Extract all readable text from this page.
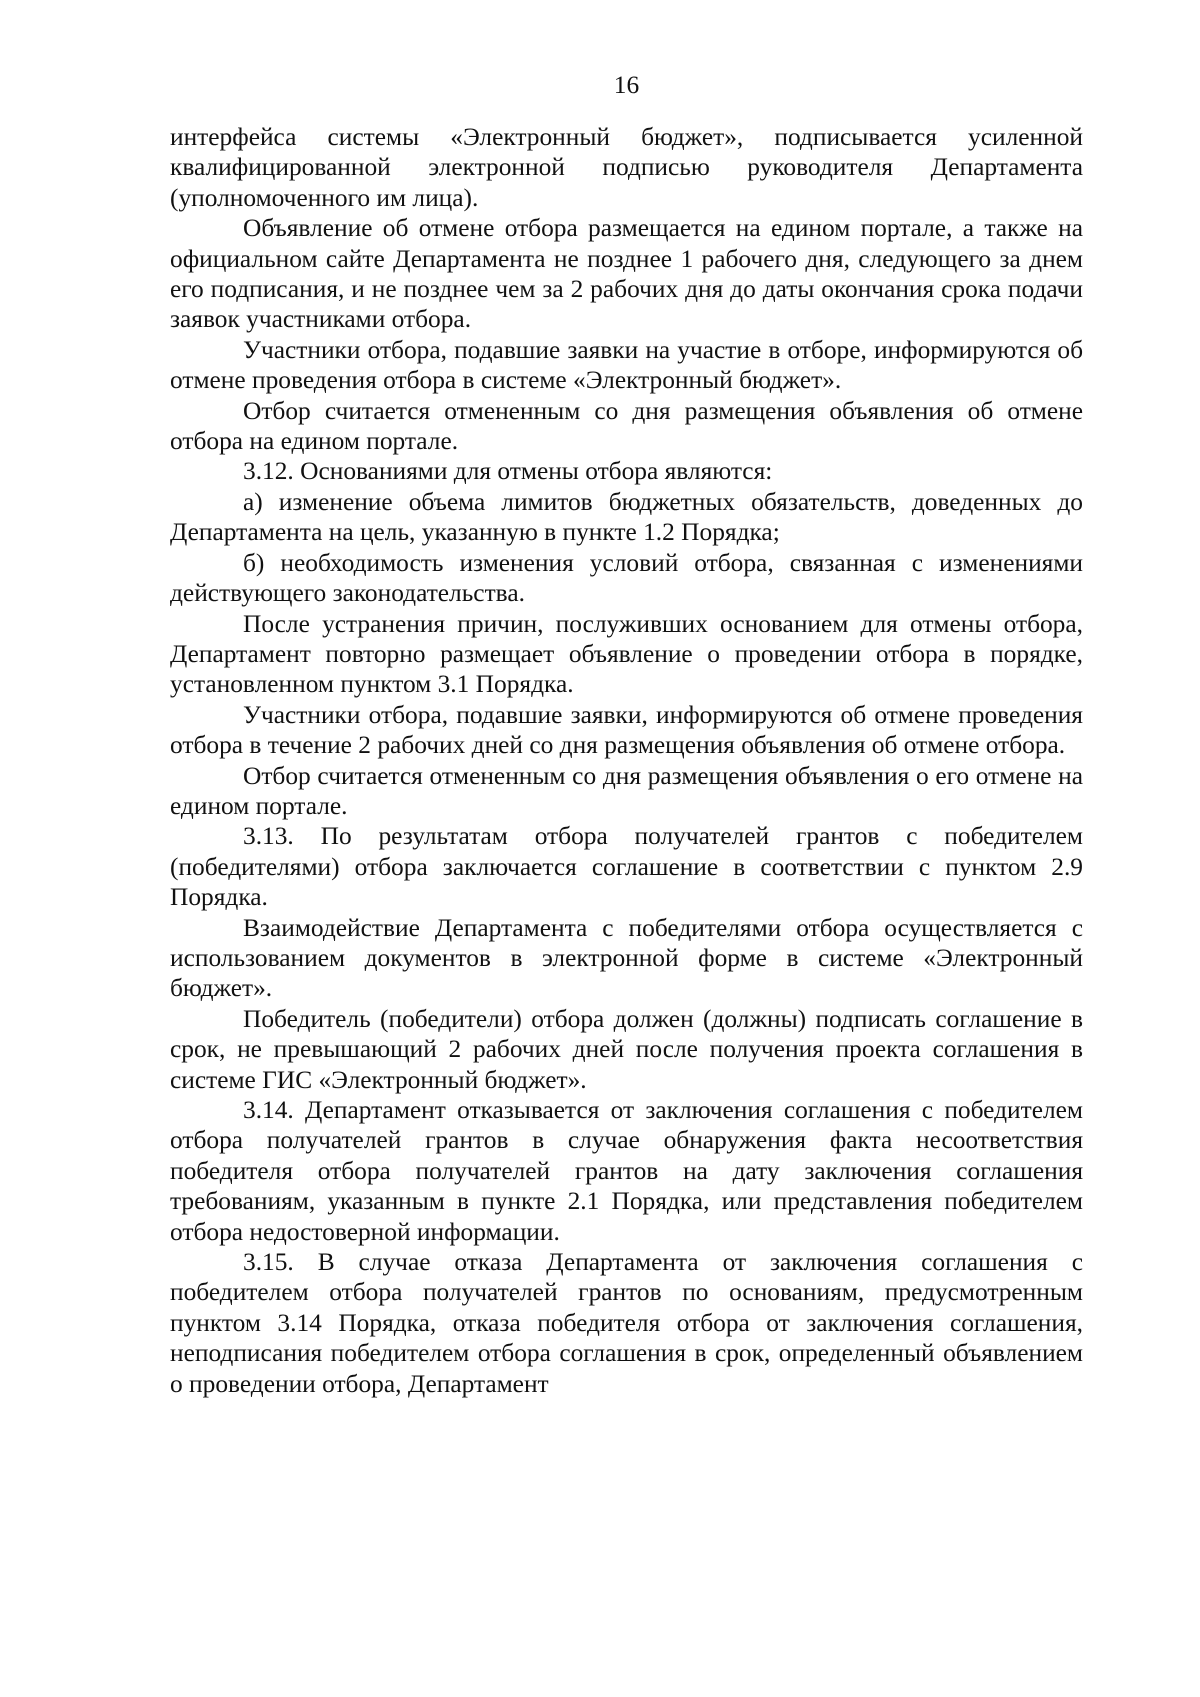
16

интерфейса системы «Электронный бюджет», подписывается усиленной квалифицированной электронной подписью руководителя Департамента (уполномоченного им лица).

Объявление об отмене отбора размещается на едином портале, а также на официальном сайте Департамента не позднее 1 рабочего дня, следующего за днем его подписания, и не позднее чем за 2 рабочих дня до даты окончания срока подачи заявок участниками отбора.

Участники отбора, подавшие заявки на участие в отборе, информируются об отмене проведения отбора в системе «Электронный бюджет».

Отбор считается отмененным со дня размещения объявления об отмене отбора на едином портале.

3.12. Основаниями для отмены отбора являются:

а) изменение объема лимитов бюджетных обязательств, доведенных до Департамента на цель, указанную в пункте 1.2 Порядка;

б) необходимость изменения условий отбора, связанная с изменениями действующего законодательства.

После устранения причин, послуживших основанием для отмены отбора, Департамент повторно размещает объявление о проведении отбора в порядке, установленном пунктом 3.1 Порядка.

Участники отбора, подавшие заявки, информируются об отмене проведения отбора в течение 2 рабочих дней со дня размещения объявления об отмене отбора.

Отбор считается отмененным со дня размещения объявления о его отмене на едином портале.

3.13. По результатам отбора получателей грантов с победителем (победителями) отбора заключается соглашение в соответствии с пунктом 2.9 Порядка.

Взаимодействие Департамента с победителями отбора осуществляется с использованием документов в электронной форме в системе «Электронный бюджет».

Победитель (победители) отбора должен (должны) подписать соглашение в срок, не превышающий 2 рабочих дней после получения проекта соглашения в системе ГИС «Электронный бюджет».

3.14. Департамент отказывается от заключения соглашения с победителем отбора получателей грантов в случае обнаружения факта несоответствия победителя отбора получателей грантов на дату заключения соглашения требованиям, указанным в пункте 2.1 Порядка, или представления победителем отбора недостоверной информации.

3.15. В случае отказа Департамента от заключения соглашения с победителем отбора получателей грантов по основаниям, предусмотренным пунктом 3.14 Порядка, отказа победителя отбора от заключения соглашения, неподписания победителем отбора соглашения в срок, определенный объявлением о проведении отбора, Департамент
